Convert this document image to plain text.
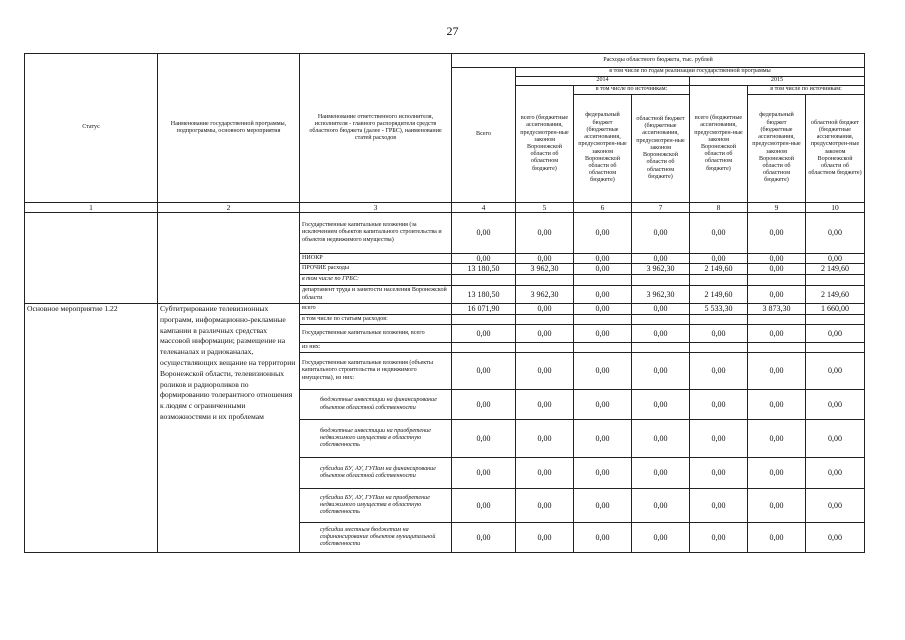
27
Статус	Наименование государственной программы, подпрограммы, основного мероприятия	Наименование ответственного исполнителя, исполнителя - главного распорядителя средств областного бюджета (далее - ГРБС), наименование статей расходов	Расходы областного бюджета, тыс. рублей						
			Всего	в том числе по годам реализации государственной программы					
				2014			2015		
				всего (бюджетные ассигнования, предусмотрен-ные законом Воронежской области об областном бюджете)	в том числе по источникам:		всего (бюджетные ассигнования, предусмотрен-ные законом Воронежской области об областном бюджете)	в том числе по источникам:	
					федеральный бюджет (бюджетные ассигнования, предусмотрен-ные законом Воронежской области об областном бюджете)	областной бюджет (бюджетные ассигнования, предусмотрен-ные законом Воронежской области об областном бюджете)		федеральный бюджет (бюджетные ассигнования, предусмотрен-ные законом Воронежской области об областном бюджете)	областной бюджет (бюджетные ассигнования, предусмотрен-ные законом Воронежской области об областном бюджете)
1	2	3	4	5	6	7	8	9	10
		Государственные капитальные вложения (за исключением объектов капитального строительства и объектов недвижимого имущества)	0,00	0,00	0,00	0,00	0,00	0,00	0,00
		НИОКР	0,00	0,00	0,00	0,00	0,00	0,00	0,00
		ПРОЧИЕ расходы	13 180,50	3 962,30	0,00	3 962,30	2 149,60	0,00	2 149,60
		в том числе по ГРБС:							
		департамент труда и занятости населения Воронежской области	13 180,50	3 962,30	0,00	3 962,30	2 149,60	0,00	2 149,60
Основное мероприятие 1.22	Субтитрирование телевизионных программ, информационно-рекламные кампании в различных средствах массовой информации; размещение на телеканалах и радиоканалах, осуществляющих вещание на территории Воронежской области, телевизионных роликов и радиороликов по формированию толерантного отношения к людям с ограниченными возможностями и их проблемам	всего	16 071,90	0,00	0,00	0,00	5 533,30	3 873,30	1 660,00
		в том числе по статьям расходов:							
		Государственные капитальные вложения, всего	0,00	0,00	0,00	0,00	0,00	0,00	0,00
		из них:							
		Государственные капитальные вложения (объекты капитального строительства и недвижимого имущества), из них:	0,00	0,00	0,00	0,00	0,00	0,00	0,00
		бюджетные инвестиции на финансирование объектов областной собственности	0,00	0,00	0,00	0,00	0,00	0,00	0,00
		бюджетные инвестиции на приобретение недвижимого имущества в областную собственность	0,00	0,00	0,00	0,00	0,00	0,00	0,00
		субсидии БУ, АУ, ГУПам на финансирование объектов областной собственности	0,00	0,00	0,00	0,00	0,00	0,00	0,00
		субсидии БУ, АУ, ГУПам на приобретение недвижимого имущества в областную собственность	0,00	0,00	0,00	0,00	0,00	0,00	0,00
		субсидии местным бюджетам на софинансирование объектов муниципальной собственности	0,00	0,00	0,00	0,00	0,00	0,00	0,00
